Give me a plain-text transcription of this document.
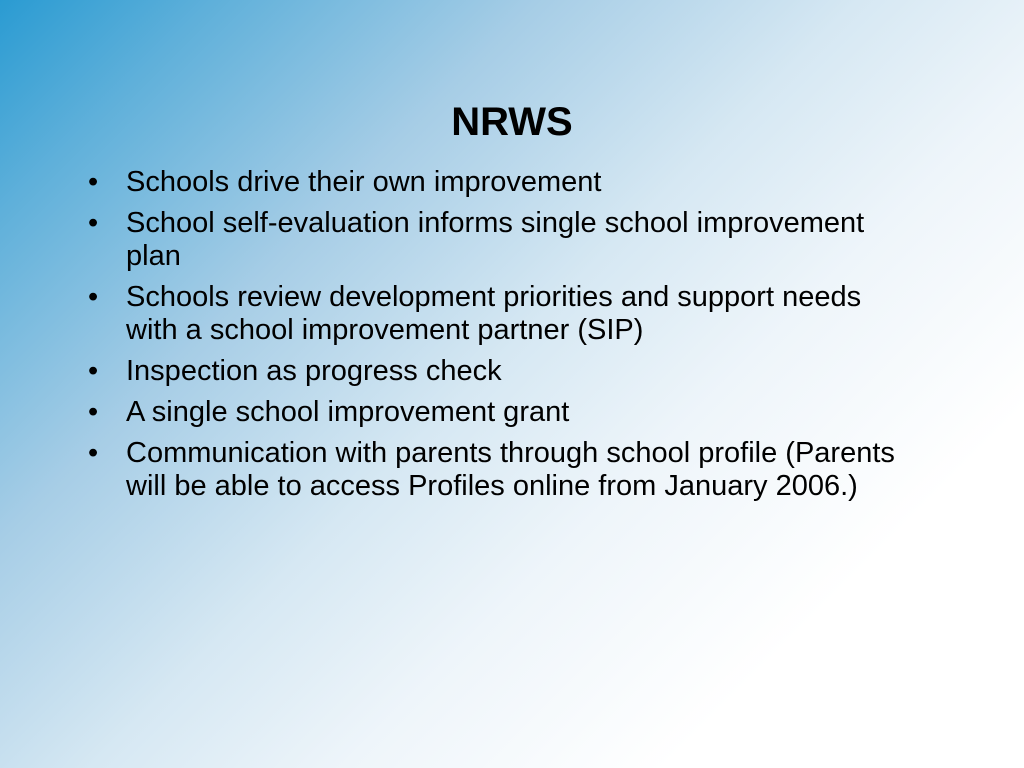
NRWS
• Schools drive their own improvement
• School self-evaluation informs single school improvement plan
• Schools review development priorities and support needs with a school improvement partner (SIP)
• Inspection as progress check
• A single school improvement grant
• Communication with parents through school profile (Parents will be able to access Profiles online from January 2006.)
